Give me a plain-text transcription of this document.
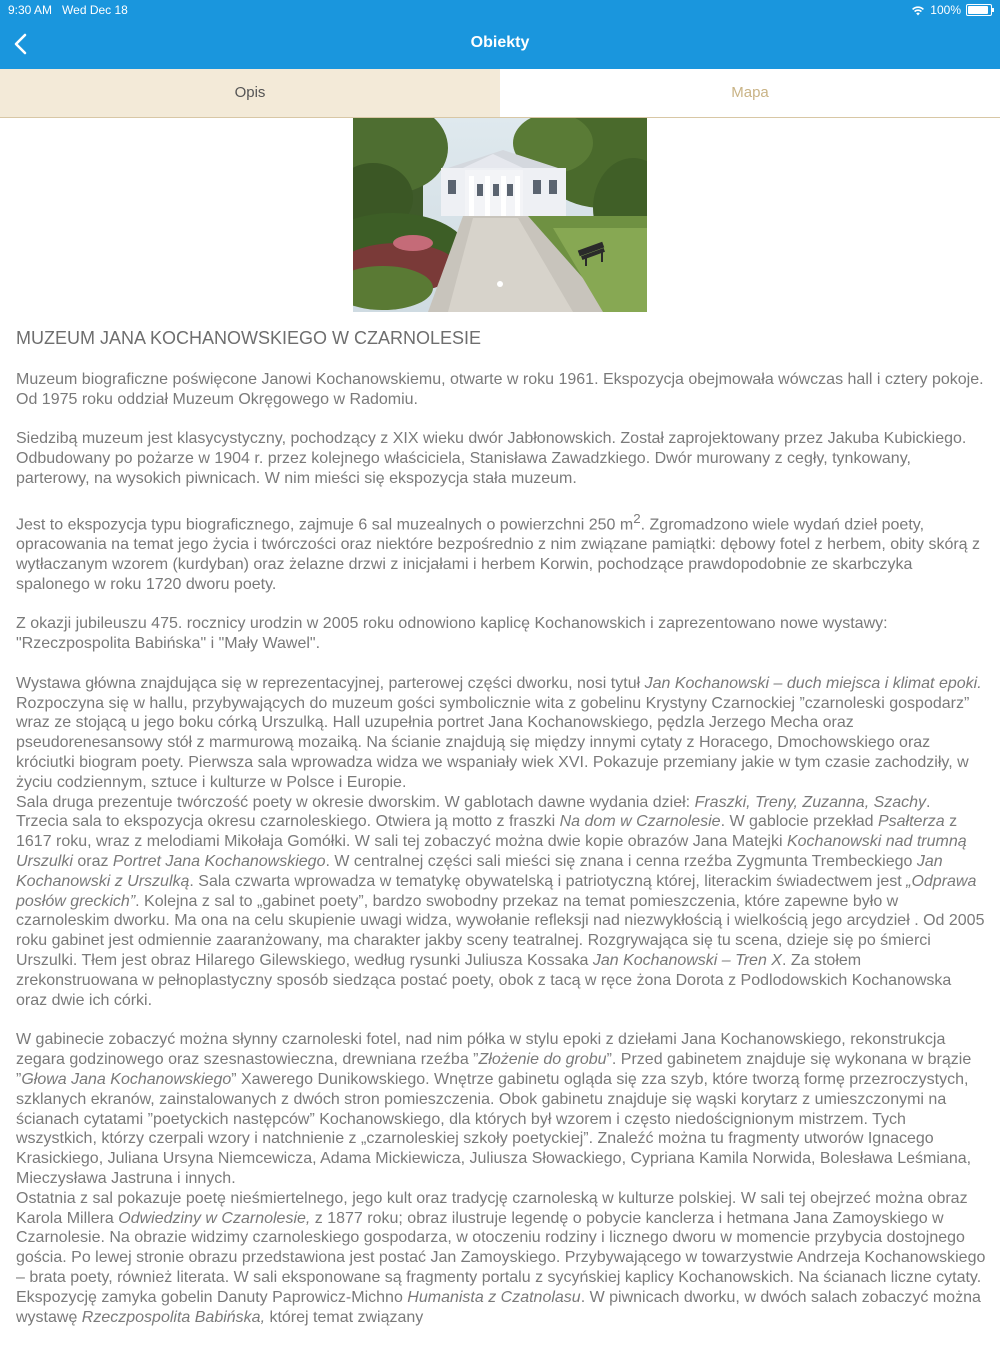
9:30 AM Wed Dec 18	100%
Obiekty
Opis	Mapa
MUZEUM JANA KOCHANOWSKIEGO W CZARNOLESIE

Muzeum biograficzne poświęcone Janowi Kochanowskiemu, otwarte w roku 1961. Ekspozycja obejmowała wówczas hall i cztery pokoje. Od 1975 roku oddział Muzeum Okręgowego w Radomiu.

Siedzibą muzeum jest klasycystyczny, pochodzący z XIX wieku dwór Jabłonowskich. Został zaprojektowany przez Jakuba Kubickiego. Odbudowany po pożarze w 1904 r. przez kolejnego właściciela, Stanisława Zawadzkiego. Dwór murowany z cegły, tynkowany, parterowy, na wysokich piwnicach. W nim mieści się ekspozycja stała muzeum.

Jest to ekspozycja typu biograficznego, zajmuje 6 sal muzealnych o powierzchni 250 $m^2$. Zgromadzono wiele wydań dzieł poety, opracowania na temat jego życia i twórczości oraz niektóre bezpośrednio z nim związane pamiątki: dębowy fotel z herbem, obity skórą z wytłaczanym wzorem (kurdyban) oraz żelazne drzwi z inicjałami i herbem Korwin, pochodzące prawdopodobnie ze skarbczyka spalonego w roku 1720 dworu poety.

Z okazji jubileuszu 475. rocznicy urodzin w 2005 roku odnowiono kaplicę Kochanowskich i zaprezentowano nowe wystawy: "Rzeczpospolita Babińska" i "Mały Wawel".

Wystawa główna znajdująca się w reprezentacyjnej, parterowej części dworku, nosi tytuł Jan Kochanowski – duch miejsca i klimat epoki. Rozpoczyna się w hallu, przybywających do muzeum gości symbolicznie wita z gobelinu Krystyny Czarnockiej ”czarnoleski gospodarz” wraz ze stojącą u jego boku córką Urszulką. Hall uzupełnia portret Jana Kochanowskiego, pędzla Jerzego Mecha oraz pseudorenesansowy stół z marmurową mozaiką. Na ścianie znajdują się między innymi cytaty z Horacego, Dmochowskiego oraz króciutki biogram poety. Pierwsza sala wprowadza widza we wspaniały wiek XVI. Pokazuje przemiany jakie w tym czasie zachodziły, w życiu codziennym, sztuce i kulturze w Polsce i Europie.

Sala druga prezentuje twórczość poety w okresie dworskim. W gablotach dawne wydania dzieł: Fraszki, Treny, Zuzanna, Szachy. Trzecia sala to ekspozycja okresu czarnoleskiego. Otwiera ją motto z fraszki Na dom w Czarnolesie. W gablocie przekład Psałterza z 1617 roku, wraz z melodiami Mikołaja Gomółki. W sali tej zobaczyć można dwie kopie obrazów Jana Matejki Kochanowski nad trumną Urszulki oraz Portret Jana Kochanowskiego. W centralnej części sali mieści się znana i cenna rzeźba Zygmunta Trembeckiego Jan Kochanowski z Urszulką. Sala czwarta wprowadza w tematykę obywatelską i patriotyczną której, literackim świadectwem jest „Odprawa posłów greckich”. Kolejna z sal to „gabinet poety”, bardzo swobodny przekaz na temat pomieszczenia, które zapewne było w czarnoleskim dworku. Ma ona na celu skupienie uwagi widza, wywołanie refleksji nad niezwykłością i wielkością jego arcydzieł . Od 2005 roku gabinet jest odmiennie zaaranżowany, ma charakter jakby sceny teatralnej. Rozgrywająca się tu scena, dzieje się po śmierci Urszulki. Tłem jest obraz Hilarego Gilewskiego, według rysunki Juliusza Kossaka Jan Kochanowski – Tren X. Za stołem zrekonstruowana w pełnoplastyczny sposób siedząca postać poety, obok z tacą w ręce żona Dorota z Podlodowskich Kochanowska oraz dwie ich córki.

W gabinecie zobaczyć można słynny czarnoleski fotel, nad nim półka w stylu epoki z dziełami Jana Kochanowskiego, rekonstrukcja zegara godzinowego oraz szesnastowieczna, drewniana rzeźba ”Złożenie do grobu”. Przed gabinetem znajduje się wykonana w brązie ”Głowa Jana Kochanowskiego” Xawerego Dunikowskiego. Wnętrze gabinetu ogląda się zza szyb, które tworzą formę przezroczystych, szklanych ekranów, zainstalowanych z dwóch stron pomieszczenia. Obok gabinetu znajduje się wąski korytarz z umieszczonymi na ścianach cytatami ”poetyckich następców” Kochanowskiego, dla których był wzorem i często niedoścignionym mistrzem. Tych wszystkich, którzy czerpali wzory i natchnienie z „czarnoleskiej szkoły poetyckiej”. Znaleźć można tu fragmenty utworów Ignacego Krasickiego, Juliana Ursyna Niemcewicza, Adama Mickiewicza, Juliusza Słowackiego, Cypriana Kamila Norwida, Bolesława Leśmiana, Mieczysława Jastruna i innych.

Ostatnia z sal pokazuje poetę nieśmiertelnego, jego kult oraz tradycję czarnoleską w kulturze polskiej. W sali tej obejrzeć można obraz Karola Millera Odwiedziny w Czarnolesie, z 1877 roku; obraz ilustruje legendę o pobycie kanclerza i hetmana Jana Zamoyskiego w Czarnolesie. Na obrazie widzimy czarnoleskiego gospodarza, w otoczeniu rodziny i licznego dworu w momencie przybycia dostojnego gościa. Po lewej stronie obrazu przedstawiona jest postać Jan Zamoyskiego. Przybywającego w towarzystwie Andrzeja Kochanowskiego – brata poety, również literata. W sali eksponowane są fragmenty portalu z sycyńskiej kaplicy Kochanowskich. Na ścianach liczne cytaty. Ekspozycję zamyka gobelin Danuty Paprowicz-Michno Humanista z Czatnolasu. W piwnicach dworku, w dwóch salach zobaczyć można wystawę Rzeczpospolita Babińska, której temat związany
